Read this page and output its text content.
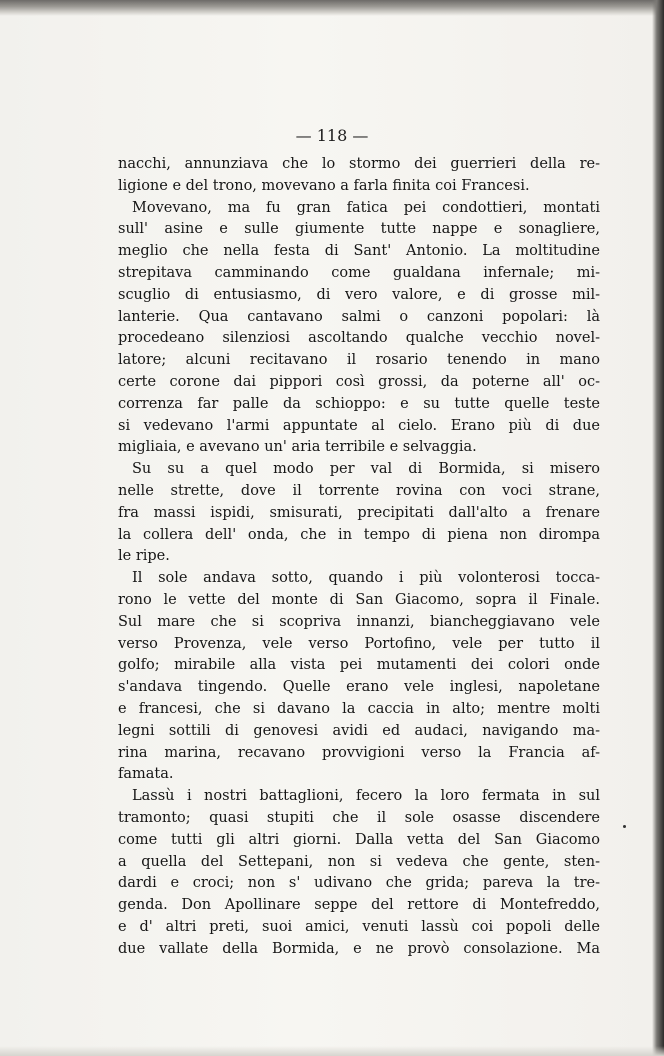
— 118 —
nacchi, annunziava che lo stormo dei guerrieri della re-
ligione e del trono, movevano a farla finita coi Francesi.
Movevano, ma fu gran fatica pei condottieri, montati
sull' asine e sulle giumente tutte nappe e sonagliere,
meglio che nella festa di Sant' Antonio. La moltitudine
strepitava camminando come gualdana infernale; mi-
scuglio di entusiasmo, di vero valore, e di grosse mil-
lanterie. Qua cantavano salmi o canzoni popolari: là
procedeano silenziosi ascoltando qualche vecchio novel-
latore; alcuni recitavano il rosario tenendo in mano
certe corone dai pippori così grossi, da poterne all' oc-
correnza far palle da schioppo: e su tutte quelle teste
si vedevano l'armi appuntate al cielo. Erano più di due
migliaia, e avevano un' aria terribile e selvaggia.
Su su a quel modo per val di Bormida, si misero
nelle strette, dove il torrente rovina con voci strane,
fra massi ispidi, smisurati, precipitati dall'alto a frenare
la collera dell' onda, che in tempo di piena non dirompa
le ripe.
Il sole andava sotto, quando i più volonterosi tocca-
rono le vette del monte di San Giacomo, sopra il Finale.
Sul mare che si scopriva innanzi, biancheggiavano vele
verso Provenza, vele verso Portofino, vele per tutto il
golfo; mirabile alla vista pei mutamenti dei colori onde
s'andava tingendo. Quelle erano vele inglesi, napoletane
e francesi, che si davano la caccia in alto; mentre molti
legni sottili di genovesi avidi ed audaci, navigando ma-
rina marina, recavano provvigioni verso la Francia af-
famata.
Lassù i nostri battaglioni, fecero la loro fermata in sul
tramonto; quasi stupiti che il sole osasse discendere
come tutti gli altri giorni. Dalla vetta del San Giacomo
a quella del Settepani, non si vedeva che gente, sten-
dardi e croci; non s' udivano che grida; pareva la tre-
genda. Don Apollinare seppe del rettore di Montefreddo,
e d' altri preti, suoi amici, venuti lassù coi popoli delle
due vallate della Bormida, e ne provò consolazione. Ma
